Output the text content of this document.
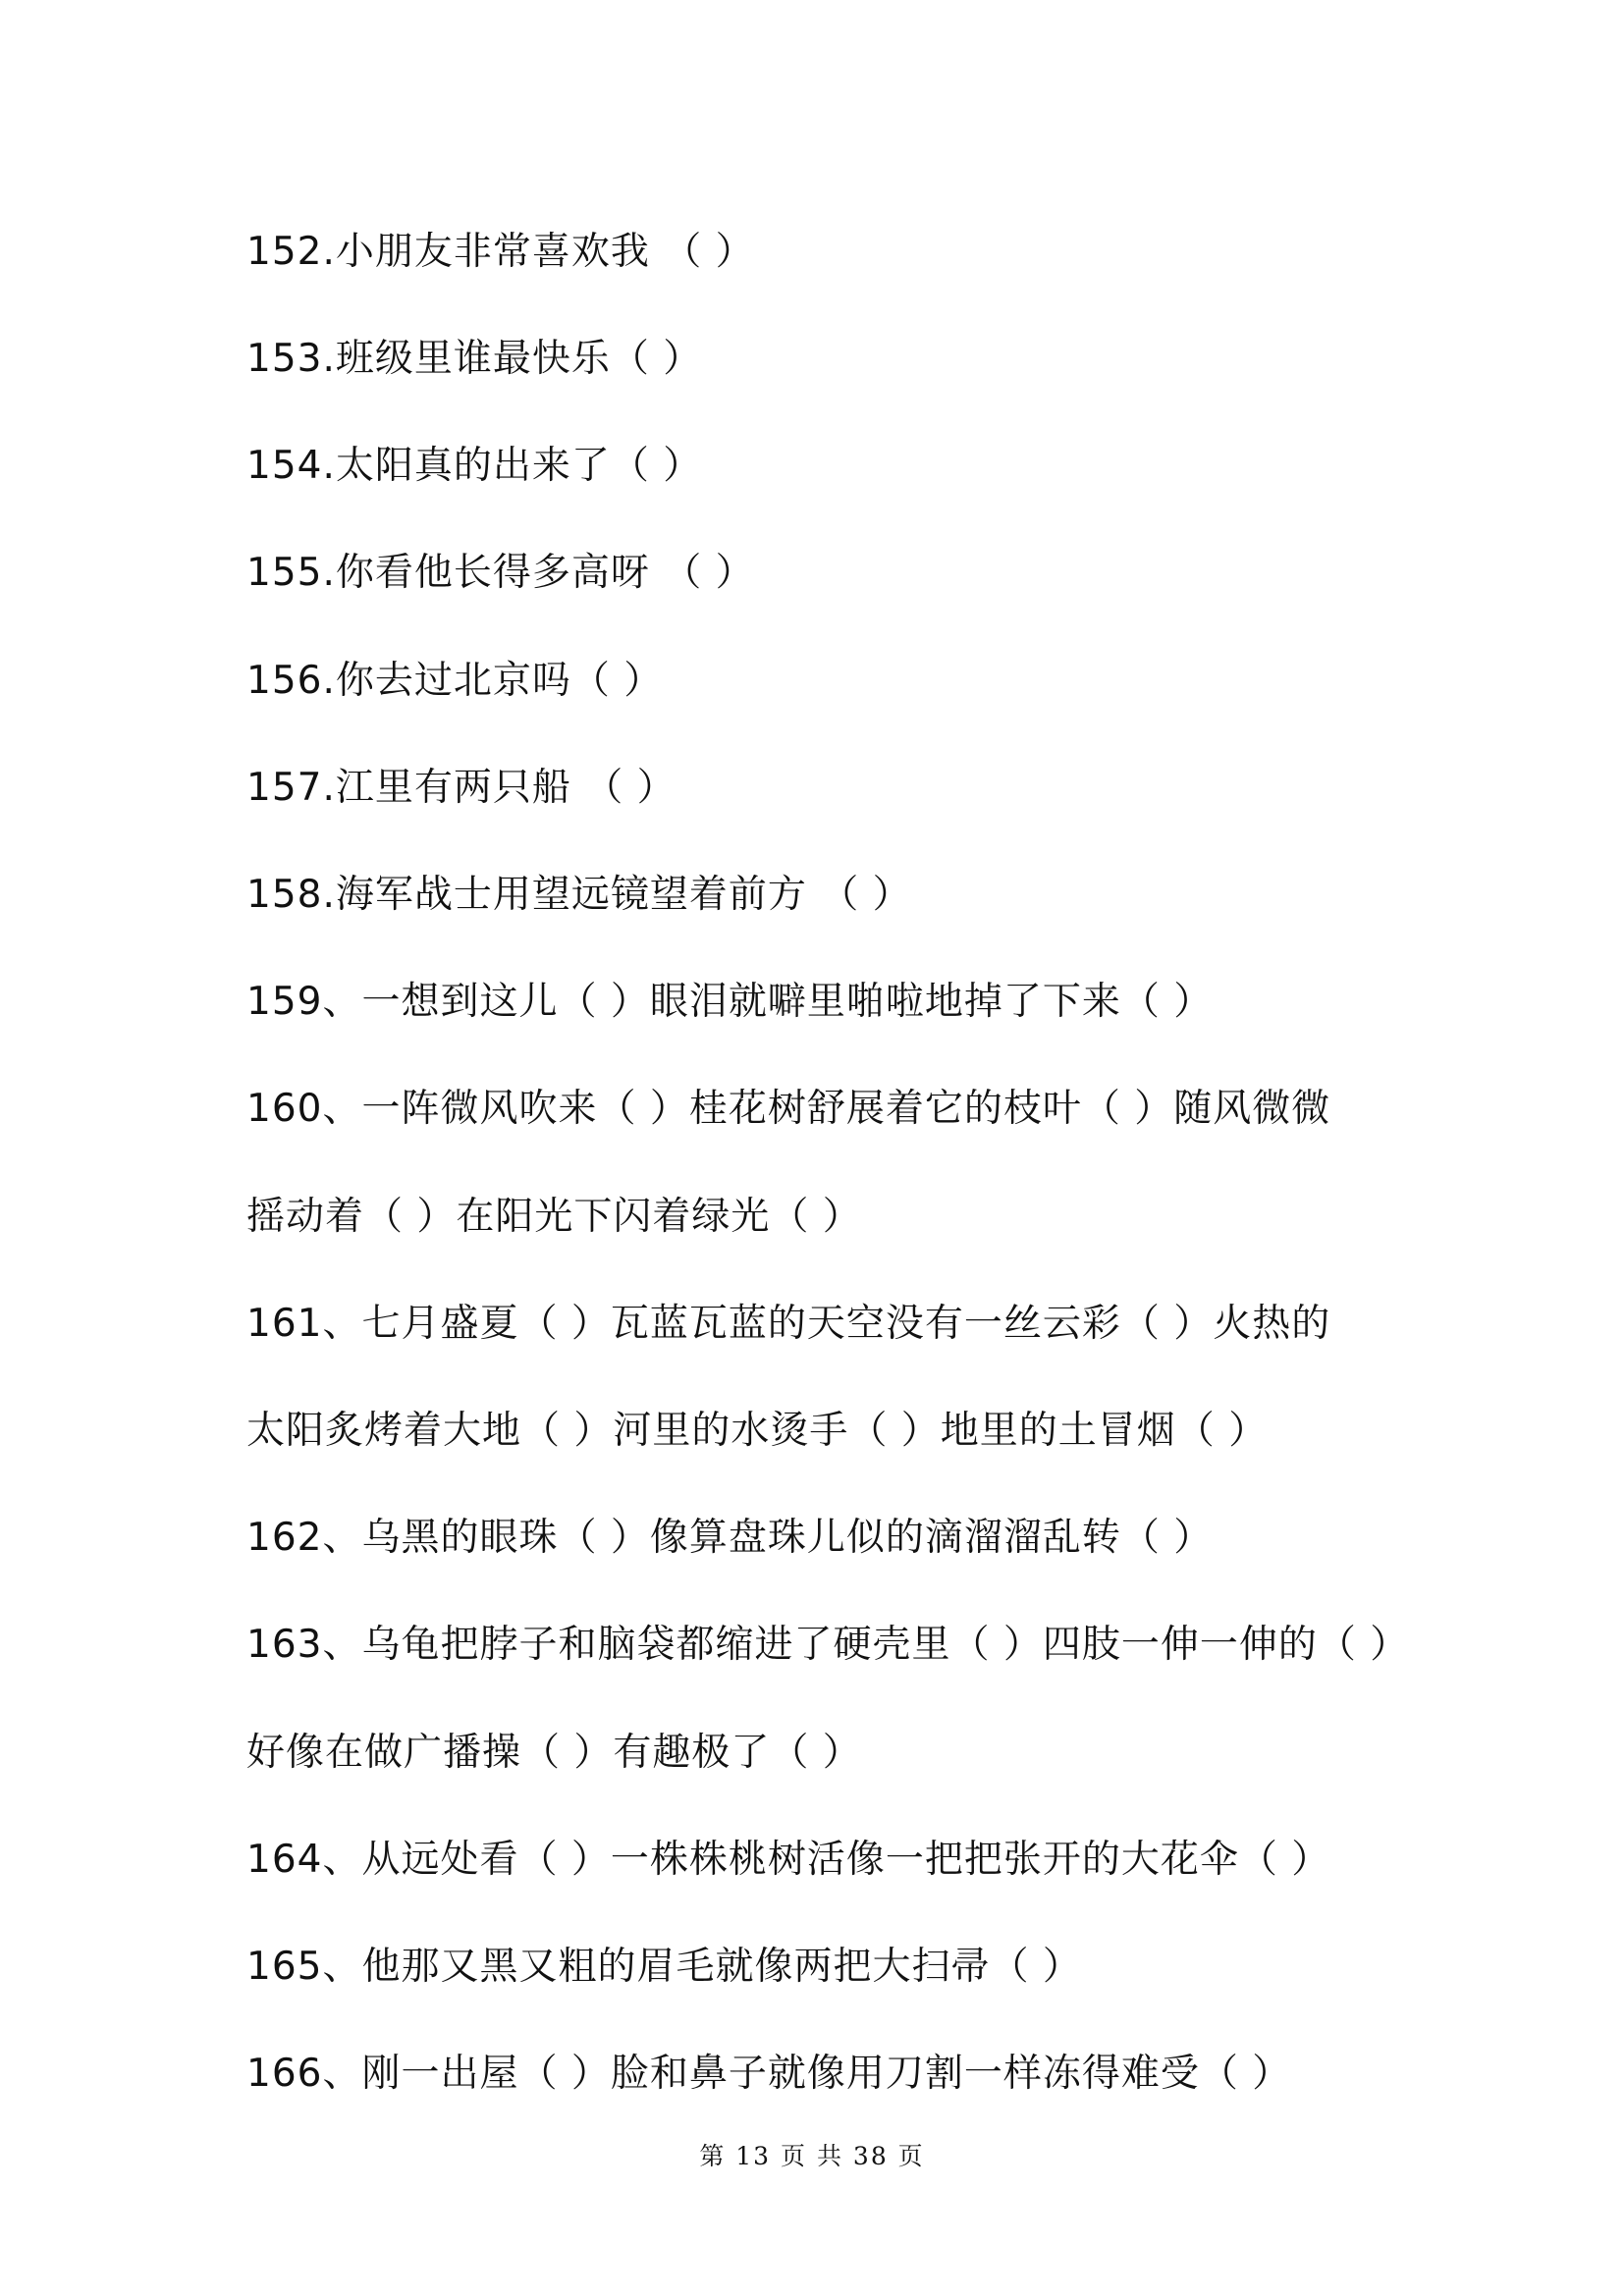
152.小朋友非常喜欢我 （ ）
153.班级里谁最快乐（ ）
154.太阳真的出来了（ ）
155.你看他长得多高呀 （ ）
156.你去过北京吗（ ）
157.江里有两只船 （ ）
158.海军战士用望远镜望着前方 （ ）
159、一想到这儿（ ）眼泪就噼里啪啦地掉了下来（ ）
160、一阵微风吹来（ ）桂花树舒展着它的枝叶（ ）随风微微
摇动着（ ）在阳光下闪着绿光（ ）
161、七月盛夏（ ）瓦蓝瓦蓝的天空没有一丝云彩（ ）火热的
太阳炙烤着大地（ ）河里的水烫手（ ）地里的土冒烟（ ）
162、乌黑的眼珠（ ）像算盘珠儿似的滴溜溜乱转（ ）
163、乌龟把脖子和脑袋都缩进了硬壳里（ ）四肢一伸一伸的（ ）
好像在做广播操（ ）有趣极了（ ）
164、从远处看（ ）一株株桃树活像一把把张开的大花伞（ ）
165、他那又黑又粗的眉毛就像两把大扫帚（ ）
166、刚一出屋（ ）脸和鼻子就像用刀割一样冻得难受（ ）
第 13 页 共 38 页
